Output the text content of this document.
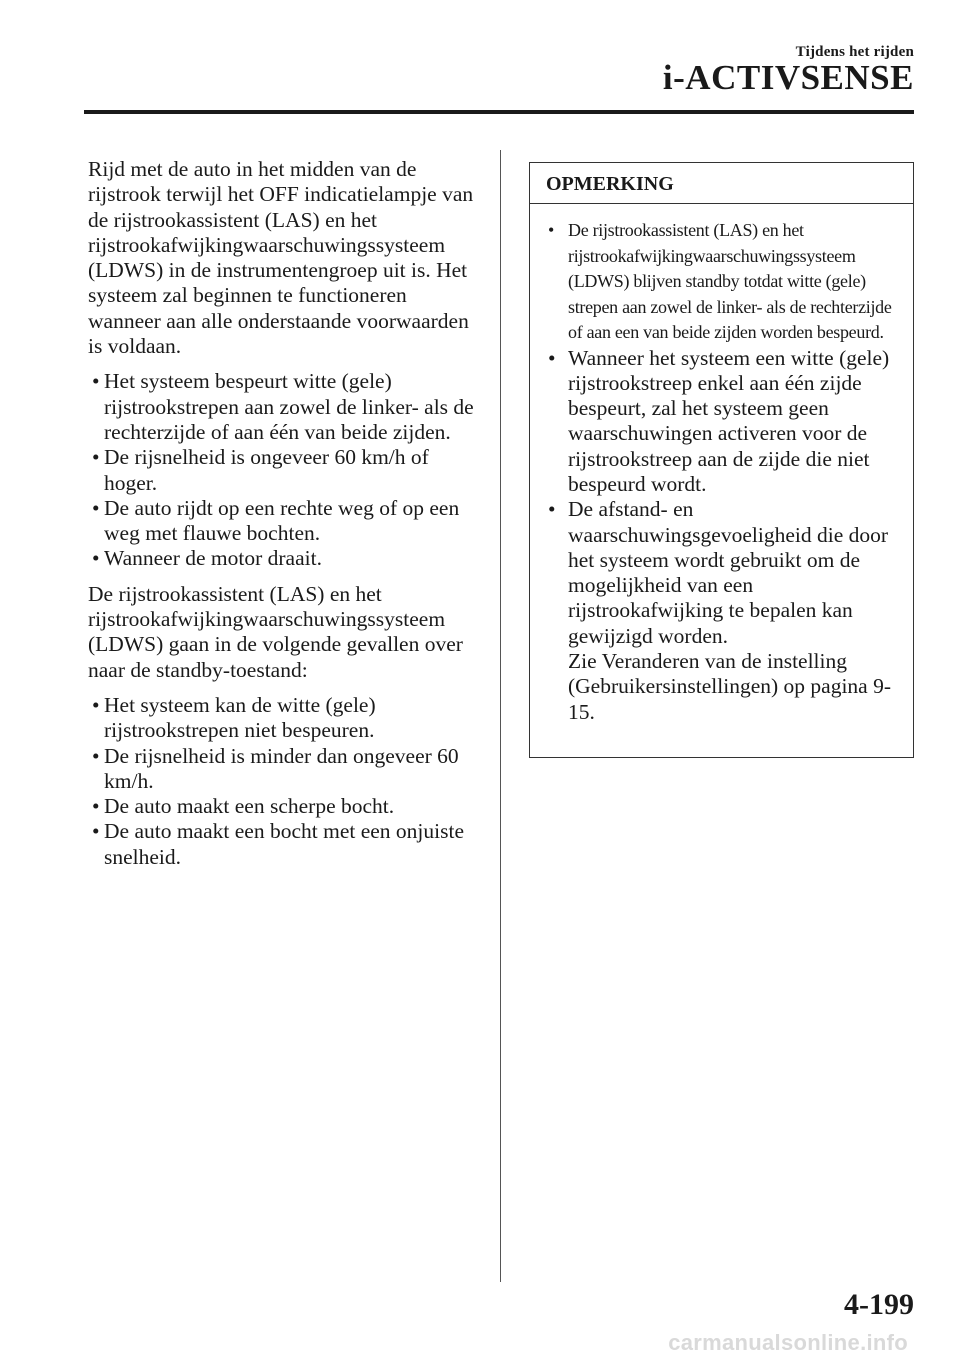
Tijdens het rijden
i-ACTIVSENSE

Rijd met de auto in het midden van de rijstrook terwijl het OFF indicatielampje van de rijstrookassistent (LAS) en het rijstrookafwijkingwaarschuwingssysteem (LDWS) in de instrumentengroep uit is. Het systeem zal beginnen te functioneren wanneer aan alle onderstaande voorwaarden is voldaan.

• Het systeem bespeurt witte (gele) rijstrookstrepen aan zowel de linker- als de rechterzijde of aan één van beide zijden.
• De rijsnelheid is ongeveer 60 km/h of hoger.
• De auto rijdt op een rechte weg of op een weg met flauwe bochten.
• Wanneer de motor draait.

De rijstrookassistent (LAS) en het rijstrookafwijkingwaarschuwingssysteem (LDWS) gaan in de volgende gevallen over naar de standby-toestand:

• Het systeem kan de witte (gele) rijstrookstrepen niet bespeuren.
• De rijsnelheid is minder dan ongeveer 60 km/h.
• De auto maakt een scherpe bocht.
• De auto maakt een bocht met een onjuiste snelheid.
OPMERKING
• De rijstrookassistent (LAS) en het rijstrookafwijkingwaarschuwingssysteem (LDWS) blijven standby totdat witte (gele) strepen aan zowel de linker- als de rechterzijde of aan een van beide zijden worden bespeurd.
• Wanneer het systeem een witte (gele) rijstrookstreep enkel aan één zijde bespeurt, zal het systeem geen waarschuwingen activeren voor de rijstrookstreep aan de zijde die niet bespeurd wordt.
• De afstand- en waarschuwingsgevoeligheid die door het systeem wordt gebruikt om de mogelijkheid van een rijstrookafwijking te bepalen kan gewijzigd worden.
Zie Veranderen van de instelling (Gebruikersinstellingen) op pagina 9-15.
4-199
carmanualsonline.info
